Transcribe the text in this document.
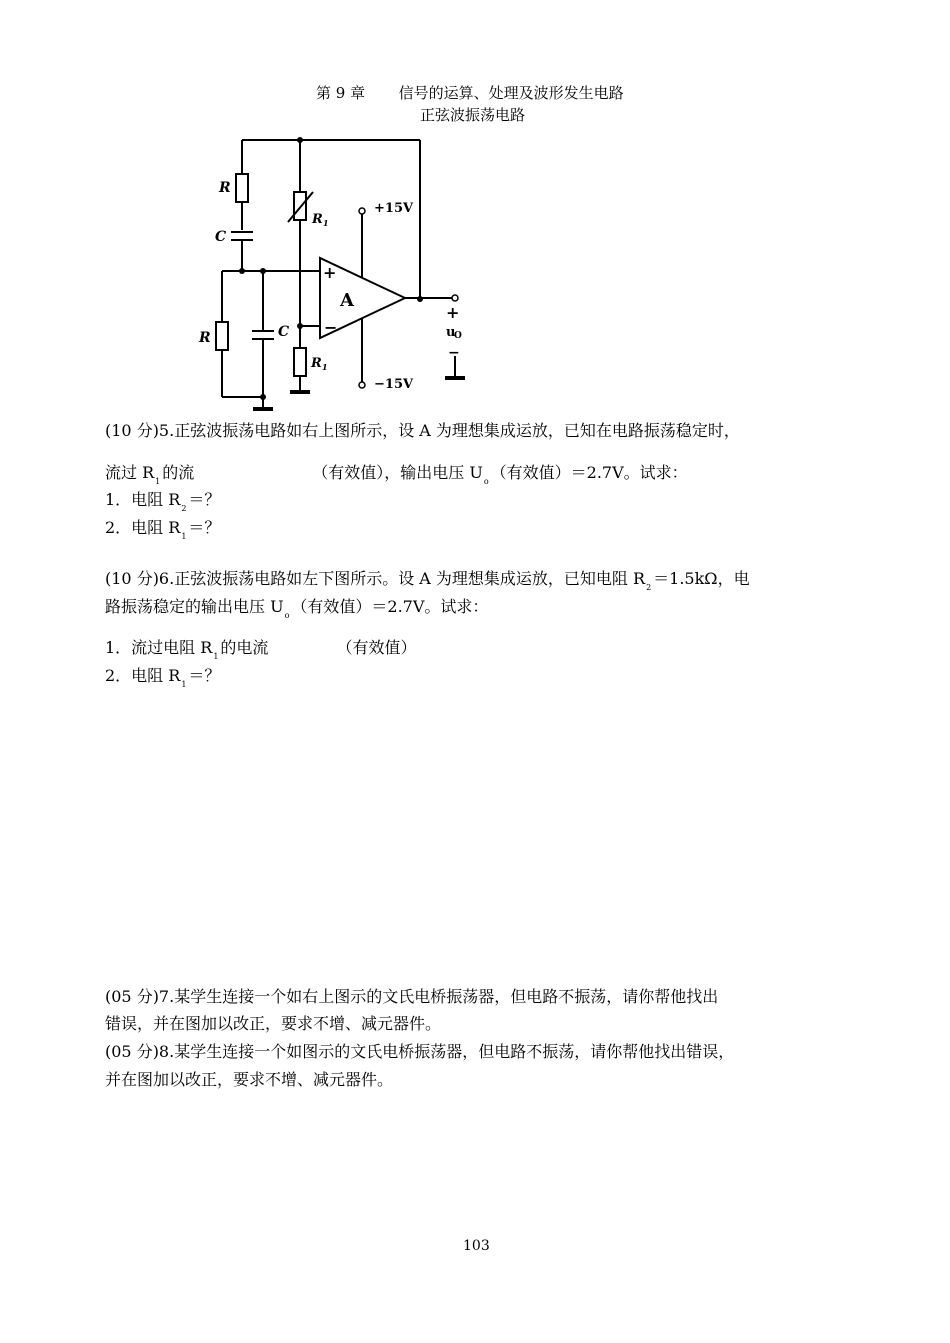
第 9 章 信号的运算、处理及波形发生电路
正弦波振荡电路
R
C
R	C
R 1
R 1
+15V
−15V
A
+
−
+
u
O
−
(10 分)5.正弦波振荡电路如右上图所示，设 A 为理想集成运放，已知在电路振荡稳定时，
流过 $R_1$ 的流	（有效值），输出电压 $U_o$ （有效值）＝2.7V。试求：
1．电阻 $R_2$ ＝？
2．电阻 $R_1$ ＝？
(10 分)6.正弦波振荡电路如左下图所示。设 A 为理想集成运放，已知电阻 $R_2 =1.5k\Omega$，电
路振荡稳定的输出电压 $U_o$ （有效值）＝2.7V。试求：
1．流过电阻 $R_1$ 的电流	（有效值）
2．电阻 $R_1$ ＝？
(05 分)7.某学生连接一个如右上图示的文氏电桥振荡器，但电路不振荡，请你帮他找出
错误，并在图加以改正，要求不增、减元器件。
(05 分)8.某学生连接一个如图示的文氏电桥振荡器，但电路不振荡，请你帮他找出错误，
并在图加以改正，要求不增、减元器件。
103
